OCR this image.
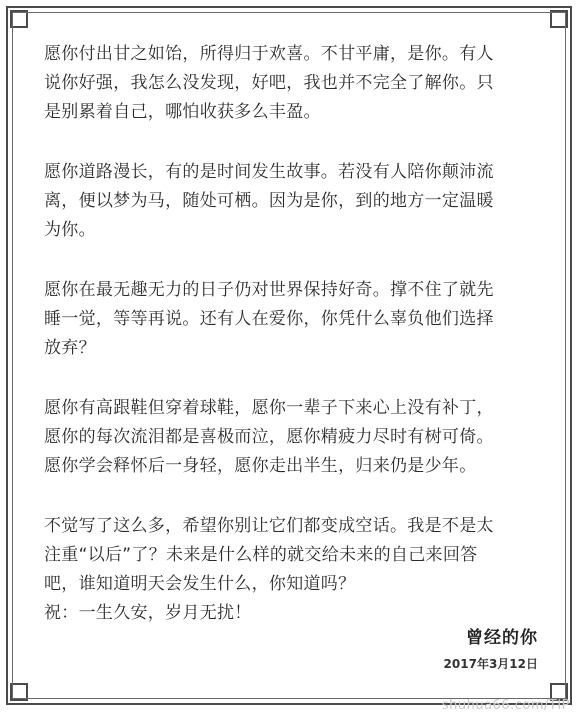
愿你付出甘之如饴，所得归于欢喜。不甘平庸，是你。有人
说你好强，我怎么没发现，好吧，我也并不完全了解你。只
是别累着自己，哪怕收获多么丰盈。

愿你道路漫长，有的是时间发生故事。若没有人陪你颠沛流
离，便以梦为马，随处可栖。因为是你，到的地方一定温暖
为你。

愿你在最无趣无力的日子仍对世界保持好奇。撑不住了就先
睡一觉，等等再说。还有人在爱你，你凭什么辜负他们选择
放弃？

愿你有高跟鞋但穿着球鞋，愿你一辈子下来心上没有补丁，
愿你的每次流泪都是喜极而泣，愿你精疲力尽时有树可倚。
愿你学会释怀后一身轻，愿你走出半生，归来仍是少年。

不觉写了这么多，希望你别让它们都变成空话。我是不是太
注重“以后”了？未来是什么样的就交给未来的自己来回答
吧，谁知道明天会发生什么，你知道吗？
祝：一生久安，岁月无扰！

曾经的你
2017年3月12日
shuhua66.com/TIP
